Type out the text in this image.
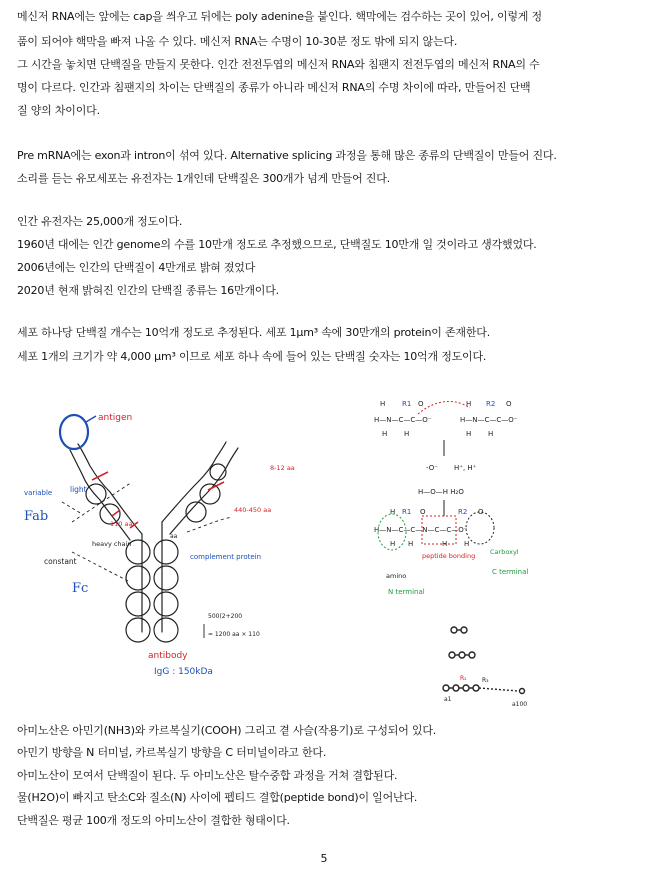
메신저 RNA에는 앞에는 cap을 씌우고 뒤에는 poly adenine을 붙인다. 핵막에는 검수하는 곳이 있어, 이렇게 정
품이 되어야 핵막을 빠져 나올 수 있다. 메신저 RNA는 수명이 10-30분 정도 밖에 되지 않는다.
그 시간을 놓치면 단백질을 만들지 못한다. 인간 전전두엽의 메신저 RNA와 침팬지 전전두엽의 메신저 RNA의 수
명이 다르다. 인간과 침팬지의 차이는 단백질의 종류가 아니라 메신저 RNA의 수명 차이에 따라, 만들어진 단백
질 양의 차이이다.
Pre mRNA에는 exon과 intron이 섞여 있다. Alternative splicing 과정을 통해 많은 종류의 단백질이 만들어 진다.
소리를 듣는 유모세포는 유전자는 1개인데 단백질은 300개가 넘게 만들어 진다.
인간 유전자는 25,000개 정도이다.
1960년 대에는 인간 genome의 수를 10만개 정도로 추정했으므로, 단백질도 10만개 일 것이라고 생각했었다.
2006년에는 인간의 단백질이 4만개로 밝혀 졌었다
2020년 현재 밝혀진 인간의 단백질 종류는 16만개이다.
세포 하나당 단백질 개수는 10억개 정도로 추정된다. 세포 1μm³ 속에 30만개의 protein이 존재한다.
세포 1개의 크기가 약 4,000 μm³ 이므로 세포 하나 속에 들어 있는 단백질 숫자는 10억개 정도이다.
antigen
variable light
Fab
constant
Fc
heavy chain
complement protein
110 aa
440-450 aa
8-12 aa
aa
500(2+200
= 1200 aa × 110
antibody
IgG : 150kDa
H R1 O
H—N—C—C—O⁻
H H
H R2 O
H—N—C—C—O⁻
H H
-O⁻ H⁺, H⁺
H—O—H H₂O
H R1 O	R2 O
H—N—C—C—N—C—C—O⁻
H H	H H
peptide bonding Carboxyl
C terminal
amino
N terminal
R₂	R₃
a1
a100
아미노산은 아민기(NH3)와 카르복실기(COOH) 그리고 곁 사슬(작용기)로 구성되어 있다.
아민기 방향을 N 터미널, 카르복실기 방향을 C 터미널이라고 한다.
아미노산이 모여서 단백질이 된다. 두 아미노산은 탈수중합 과정을 거쳐 결합된다.
물(H2O)이 빠지고 탄소C와 질소(N) 사이에 펩티드 결합(peptide bond)이 일어난다.
단백질은 평균 100개 정도의 아미노산이 결합한 형태이다.
5
